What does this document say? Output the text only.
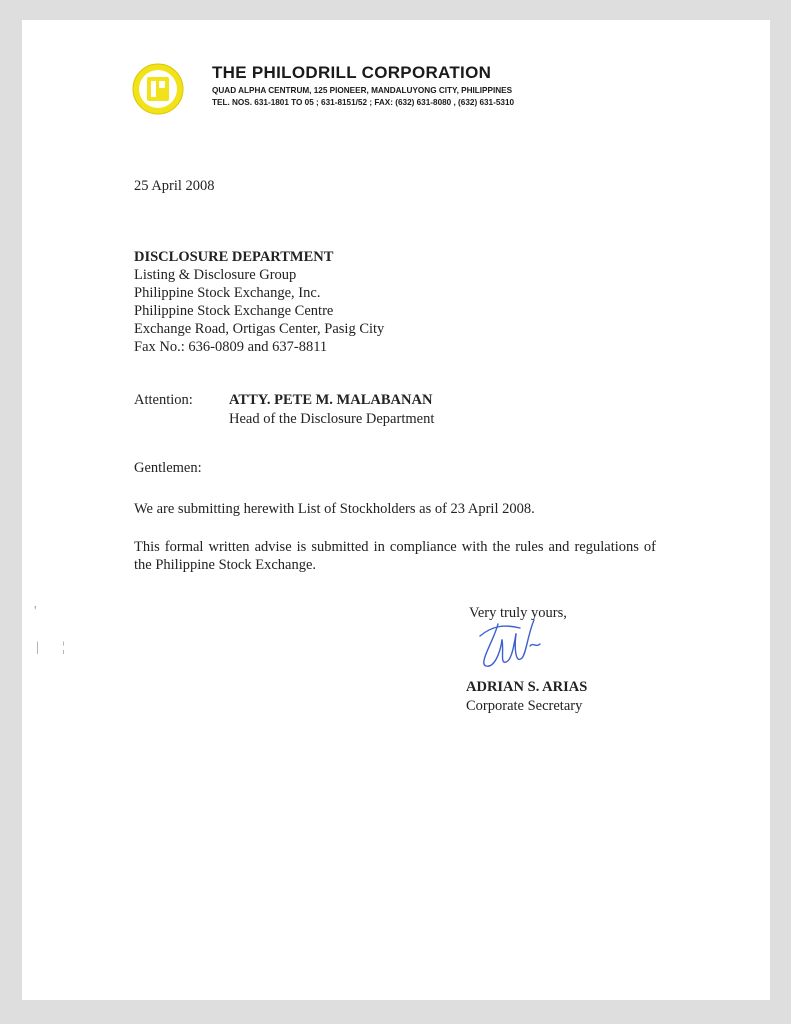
THE PHILODRILL CORPORATION
QUAD ALPHA CENTRUM, 125 PIONEER, MANDALUYONG CITY, PHILIPPINES
TEL. NOS. 631-1801 TO 05 ; 631-8151/52 ; FAX: (632) 631-8080 , (632) 631-5310
25 April 2008
DISCLOSURE DEPARTMENT
Listing & Disclosure Group
Philippine Stock Exchange, Inc.
Philippine Stock Exchange Centre
Exchange Road, Ortigas Center, Pasig City
Fax No.: 636-0809 and 637-8811
Attention: ATTY. PETE M. MALABANAN
Head of the Disclosure Department
Gentlemen:
We are submitting herewith List of Stockholders as of 23 April 2008.
This formal written advise is submitted in compliance with the rules and regulations of the Philippine Stock Exchange.
Very truly yours,
ADRIAN S. ARIAS
Corporate Secretary
'
| ¦
